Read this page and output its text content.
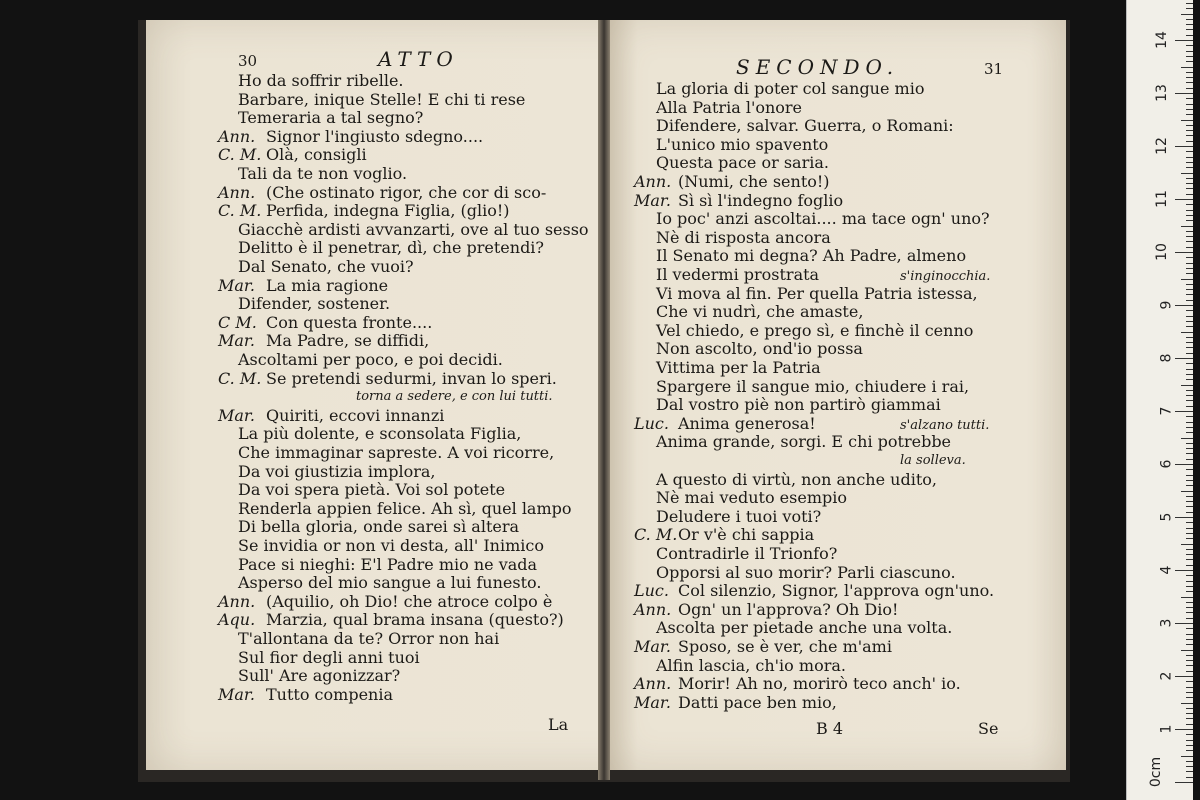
30	ATTO
Ho da soffrir ribelle.
Barbare, inique Stelle! E chi ti rese
Temeraria a tal segno?
Ann. Signor l'ingiusto sdegno....
C. M. Olà, consigli
Tali da te non voglio.
Ann. (Che ostinato rigor, che cor di sco-
C. M. Perfida, indegna Figlia, (glio!)
Giacchè ardisti avvanzarti, ove al tuo sesso
Delitto è il penetrar, dì, che pretendi?
Dal Senato, che vuoi?
Mar. La mia ragione
Difender, sostener.
C M. Con questa fronte....
Mar. Ma Padre, se diffidi,
Ascoltami per poco, e poi decidi.
C. M. Se pretendi sedurmi, invan lo speri.
torna a sedere, e con lui tutti.
Mar. Quiriti, eccovi innanzi
La più dolente, e sconsolata Figlia,
Che immaginar sapreste. A voi ricorre,
Da voi giustizia implora,
Da voi spera pietà. Voi sol potete
Renderla appien felice. Ah sì, quel lampo
Di bella gloria, onde sarei sì altera
Se invidia or non vi desta, all' Inimico
Pace si nieghi: E'l Padre mio ne vada
Asperso del mio sangue a lui funesto.
Ann. (Aquilio, oh Dio! che atroce colpo è
Aqu. Marzia, qual brama insana (questo?)
T'allontana da te? Orror non hai
Sul fior degli anni tuoi
Sull' Are agonizzar?
Mar. Tutto compenia
La
SECONDO.	31
La gloria di poter col sangue mio
Alla Patria l'onore
Difendere, salvar. Guerra, o Romani:
L'unico mio spavento
Questa pace or saria.
Ann. (Numi, che sento!)
Mar. Sì sì l'indegno foglio
Io poc' anzi ascoltai.... ma tace ogn' uno?
Nè di risposta ancora
Il Senato mi degna? Ah Padre, almeno
Il vedermi prostrata	s'inginocchia.
Vi mova al fin. Per quella Patria istessa,
Che vi nudrì, che amaste,
Vel chiedo, e prego sì, e finchè il cenno
Non ascolto, ond'io possa
Vittima per la Patria
Spargere il sangue mio, chiudere i rai,
Dal vostro piè non partirò giammai
Luc. Anima generosa!	s'alzano tutti.
Anima grande, sorgi. E chi potrebbe
la solleva.
A questo di virtù, non anche udito,
Nè mai veduto esempio
Deludere i tuoi voti?
C. M. Or v'è chi sappia
Contradirle il Trionfo?
Opporsi al suo morir? Parli ciascuno.
Luc. Col silenzio, Signor, l'approva ogn'uno.
Ann. Ogn' un l'approva? Oh Dio!
Ascolta per pietade anche una volta.
Mar. Sposo, se è ver, che m'ami
Alfin lascia, ch'io mora.
Ann. Morir! Ah no, morirò teco anch' io.
Mar. Datti pace ben mio,
B 4	Se
14
13
12
11
10
9
8
7
6
5
4
3
2
1
0cm
